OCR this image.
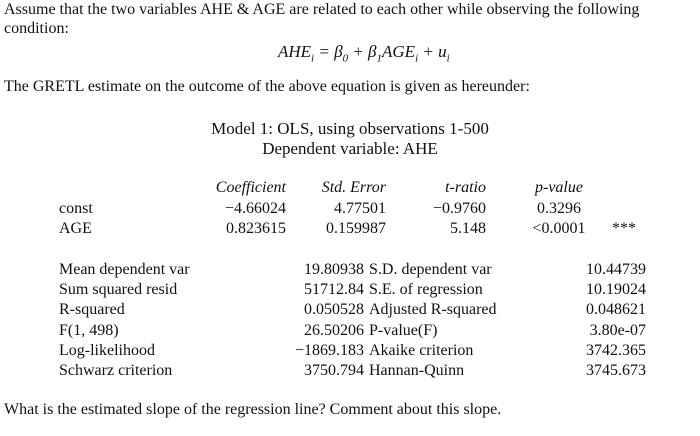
Assume that the two variables AHE & AGE are related to each other while observing the following condition:
$AHE_i = \beta_0 + \beta_1AGE_i + u_i$
The GRETL estimate on the outcome of the above equation is given as hereunder:
Model 1: OLS, using observations 1-500
Dependent variable: AHE
Coefficient	Std. Error	t-ratio	p-value
const	−4.66024	4.77501	−0.9760	0.3296
AGE	0.823615	0.159987	5.148	<0.0001	***
Mean dependent var	19.80938 S.D. dependent var	10.44739
Sum squared resid	51712.84 S.E. of regression	10.19024
R-squared	0.050528 Adjusted R-squared	0.048621
F(1, 498)	26.50206 P-value(F)	3.80e-07
Log-likelihood	−1869.183 Akaike criterion	3742.365
Schwarz criterion	3750.794 Hannan-Quinn	3745.673
What is the estimated slope of the regression line? Comment about this slope.
